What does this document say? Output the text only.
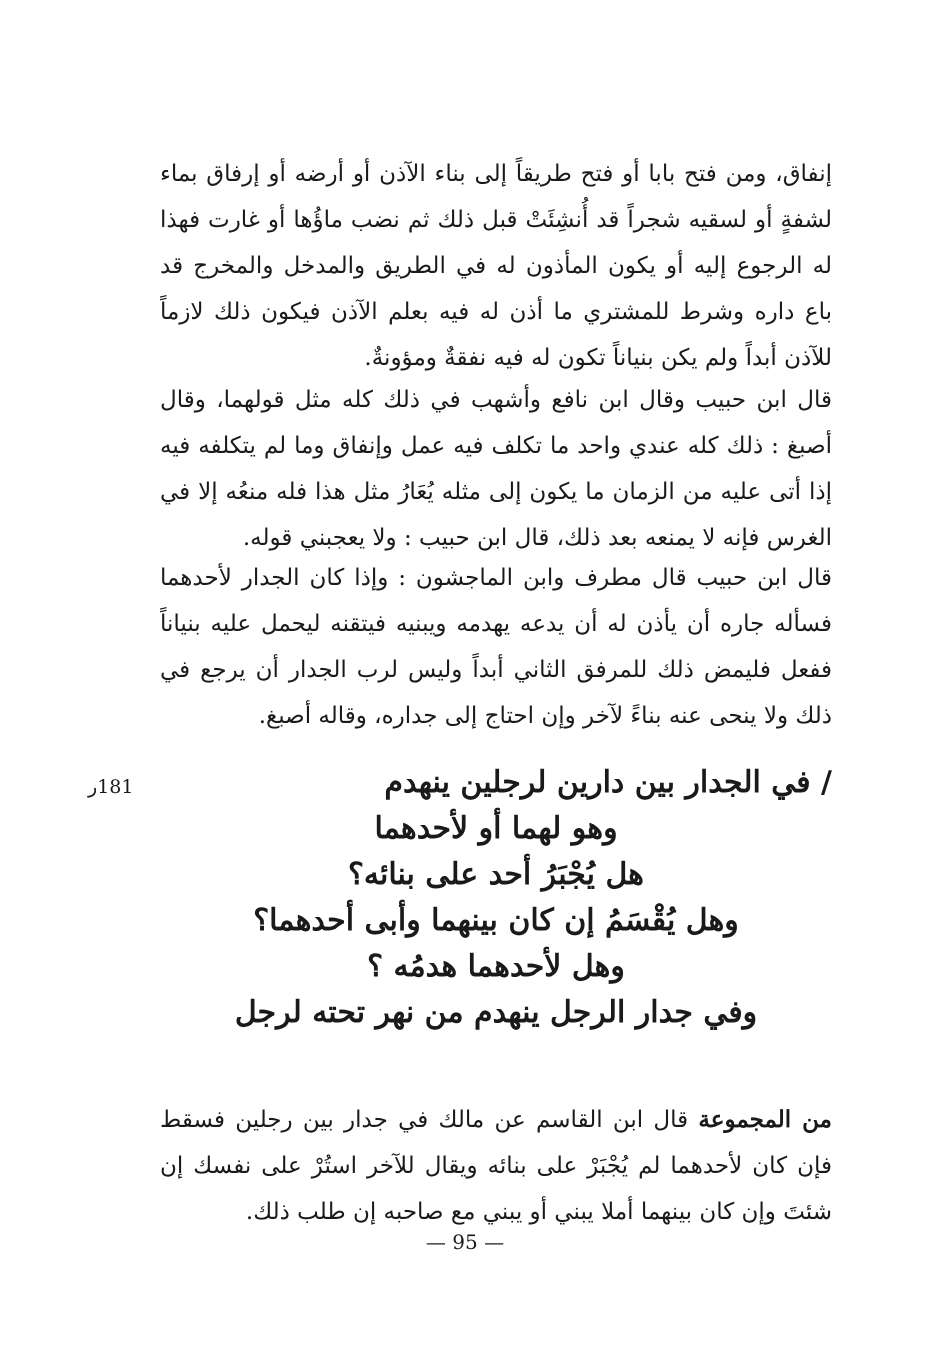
إنفاق، ومن فتح بابا أو فتح طريقاً إلى بناء الآذن أو أرضه أو إرفاق بماء لشفةٍ أو لسقيه شجراً قد أُنشِئَتْ قبل ذلك ثم نضب ماؤُها أو غارت فهذا له الرجوع إليه أو يكون المأذون له في الطريق والمدخل والمخرج قد باع داره وشرط للمشتري ما أذن له فيه بعلم الآذن فيكون ذلك لازماً للآذن أبداً ولم يكن بنياناً تكون له فيه نفقةٌ ومؤونةٌ.

قال ابن حبيب وقال ابن نافع وأشهب في ذلك كله مثل قولهما، وقال أصبغ : ذلك كله عندي واحد ما تكلف فيه عمل وإنفاق وما لم يتكلفه فيه إذا أتى عليه من الزمان ما يكون إلى مثله يُعَارُ مثل هذا فله منعُه إلا في الغرس فإنه لا يمنعه بعد ذلك، قال ابن حبيب : ولا يعجبني قوله.

قال ابن حبيب قال مطرف وابن الماجشون : وإذا كان الجدار لأحدهما فسأله جاره أن يأذن له أن يدعه يهدمه ويبنيه فيتقنه ليحمل عليه بنياناً ففعل فليمض ذلك للمرفق الثاني أبداً وليس لرب الجدار أن يرجع في ذلك ولا ينحى عنه بناءً لآخر وإن احتاج إلى جداره، وقاله أصبغ.

181ر	/ في الجدار بين دارين لرجلين ينهدم
وهو لهما أو لأحدهما
هل يُجْبَرُ أحد على بنائه؟
وهل يُقْسَمُ إن كان بينهما وأبى أحدهما؟
وهل لأحدهما هدمُه ؟
وفي جدار الرجل ينهدم من نهر تحته لرجل

من المجموعة قال ابن القاسم عن مالك في جدار بين رجلين فسقط فإن كان لأحدهما لم يُجْبَرْ على بنائه ويقال للآخر استُرْ على نفسك إن شئتَ وإن كان بينهما أملا يبني أو يبني مع صاحبه إن طلب ذلك.

— 95 —
